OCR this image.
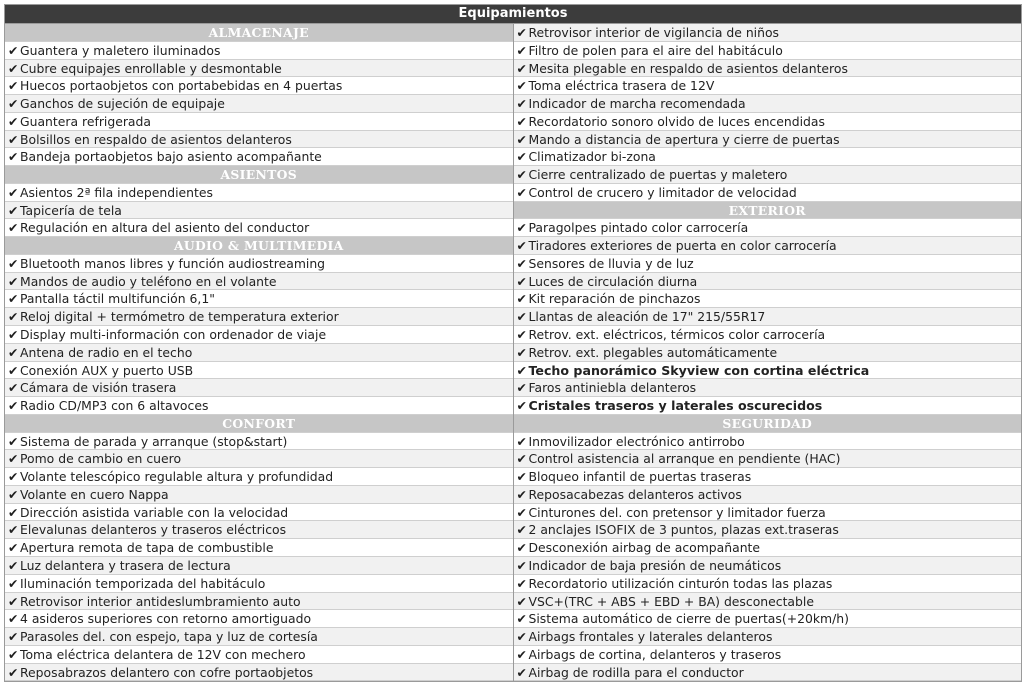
Equipamientos
ALMACENAJE
✔ Guantera y maletero iluminados
✔ Cubre equipajes enrollable y desmontable
✔ Huecos portaobjetos con portabebidas en 4 puertas
✔ Ganchos de sujeción de equipaje
✔ Guantera refrigerada
✔ Bolsillos en respaldo de asientos delanteros
✔ Bandeja portaobjetos bajo asiento acompañante
ASIENTOS
✔ Asientos 2ª fila independientes
✔ Tapicería de tela
✔ Regulación en altura del asiento del conductor
AUDIO & MULTIMEDIA
✔ Bluetooth manos libres y función audiostreaming
✔ Mandos de audio y teléfono en el volante
✔ Pantalla táctil multifunción 6,1"
✔ Reloj digital + termómetro de temperatura exterior
✔ Display multi-información con ordenador de viaje
✔ Antena de radio en el techo
✔ Conexión AUX y puerto USB
✔ Cámara de visión trasera
✔ Radio CD/MP3 con 6 altavoces
CONFORT
✔ Sistema de parada y arranque (stop&start)
✔ Pomo de cambio en cuero
✔ Volante telescópico regulable altura y profundidad
✔ Volante en cuero Nappa
✔ Dirección asistida variable con la velocidad
✔ Elevalunas delanteros y traseros eléctricos
✔ Apertura remota de tapa de combustible
✔ Luz delantera y trasera de lectura
✔ Iluminación temporizada del habitáculo
✔ Retrovisor interior antideslumbramiento auto
✔ 4 asideros superiores con retorno amortiguado
✔ Parasoles del. con espejo, tapa y luz de cortesía
✔ Toma eléctrica delantera de 12V con mechero
✔ Reposabrazos delantero con cofre portaobjetos
✔ Retrovisor interior de vigilancia de niños
✔ Filtro de polen para el aire del habitáculo
✔ Mesita plegable en respaldo de asientos delanteros
✔ Toma eléctrica trasera de 12V
✔ Indicador de marcha recomendada
✔ Recordatorio sonoro olvido de luces encendidas
✔ Mando a distancia de apertura y cierre de puertas
✔ Climatizador bi-zona
✔ Cierre centralizado de puertas y maletero
✔ Control de crucero y limitador de velocidad
EXTERIOR
✔ Paragolpes pintado color carrocería
✔ Tiradores exteriores de puerta en color carrocería
✔ Sensores de lluvia y de luz
✔ Luces de circulación diurna
✔ Kit reparación de pinchazos
✔ Llantas de aleación de 17" 215/55R17
✔ Retrov. ext. eléctricos, térmicos color carrocería
✔ Retrov. ext. plegables automáticamente
✔Techo panorámico Skyview con cortina eléctrica
✔ Faros antiniebla delanteros
✔Cristales traseros y laterales oscurecidos
SEGURIDAD
✔ Inmovilizador electrónico antirrobo
✔ Control asistencia al arranque en pendiente (HAC)
✔ Bloqueo infantil de puertas traseras
✔ Reposacabezas delanteros activos
✔ Cinturones del. con pretensor y limitador fuerza
✔ 2 anclajes ISOFIX de 3 puntos, plazas ext.traseras
✔ Desconexión airbag de acompañante
✔ Indicador de baja presión de neumáticos
✔ Recordatorio utilización cinturón todas las plazas
✔ VSC+(TRC + ABS + EBD + BA) desconectable
✔ Sistema automático de cierre de puertas(+20km/h)
✔ Airbags frontales y laterales delanteros
✔ Airbags de cortina, delanteros y traseros
✔ Airbag de rodilla para el conductor
